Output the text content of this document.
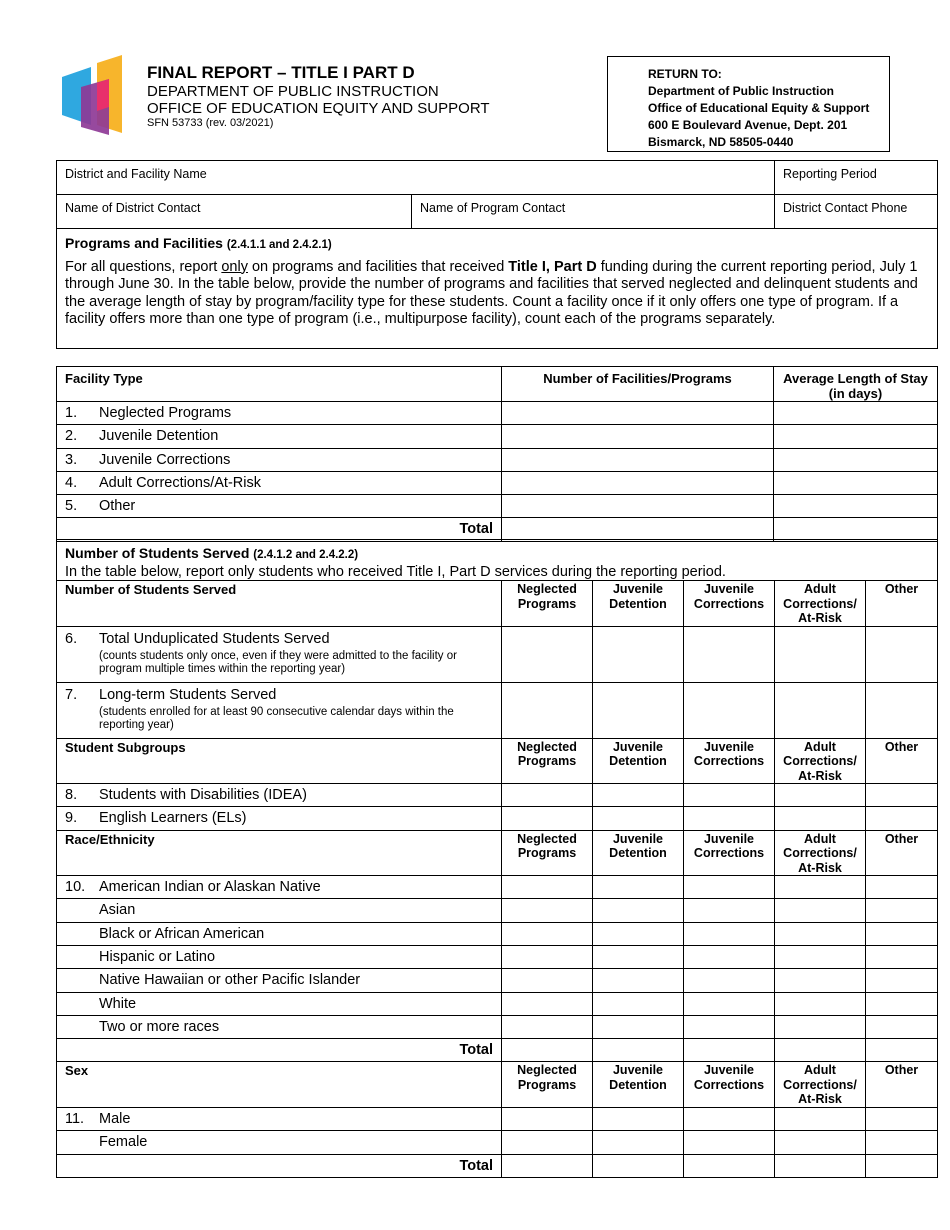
FINAL REPORT – TITLE I PART D
DEPARTMENT OF PUBLIC INSTRUCTION
OFFICE OF EDUCATION EQUITY AND SUPPORT
SFN 53733 (rev. 03/2021)
RETURN TO:
Department of Public Instruction
Office of Educational Equity & Support
600 E Boulevard Avenue, Dept. 201
Bismarck, ND 58505-0440
District and Facility Name		Reporting Period
Name of District Contact	Name of Program Contact	District Contact Phone

Programs and Facilities (2.4.1.1 and 2.4.2.1)
For all questions, report only on programs and facilities that received Title I, Part D funding during the current reporting period, July 1 through June 30. In the table below, provide the number of programs and facilities that served neglected and delinquent students and the average length of stay by program/facility type for these students. Count a facility once if it only offers one type of program. If a facility offers more than one type of program (i.e., multipurpose facility), count each of the programs separately.		
Facility Type	Number of Facilities/Programs	Average Length of Stay (in days)
1. Neglected Programs		
2. Juvenile Detention		
3. Juvenile Corrections		
4. Adult Corrections/At-Risk		
5. Other		
Total		
Number of Students Served (2.4.1.2 and 2.4.2.2)
In the table below, report only students who received Title I, Part D services during the reporting period.					

Number of Students Served	Neglected Programs	Juvenile Detention	Juvenile Corrections	Adult Corrections/ At-Risk	Other
6. Total Unduplicated Students Served
(counts students only once, even if they were admitted to the facility or program multiple times within the reporting year)					

7. Long-term Students Served
(students enrolled for at least 90 consecutive calendar days within the reporting year)					

Student Subgroups	Neglected Programs	Juvenile Detention	Juvenile Corrections	Adult Corrections/ At-Risk	Other
8. Students with Disabilities (IDEA)					
9. English Learners (ELs)					
Race/Ethnicity	Neglected Programs	Juvenile Detention	Juvenile Corrections	Adult Corrections/ At-Risk	Other
10. American Indian or Alaskan Native					
Asian					
Black or African American					
Hispanic or Latino					
Native Hawaiian or other Pacific Islander					
White					
Two or more races					
Total					
Sex	Neglected Programs	Juvenile Detention	Juvenile Corrections	Adult Corrections/ At-Risk	Other
11. Male					
Female					
Total					
